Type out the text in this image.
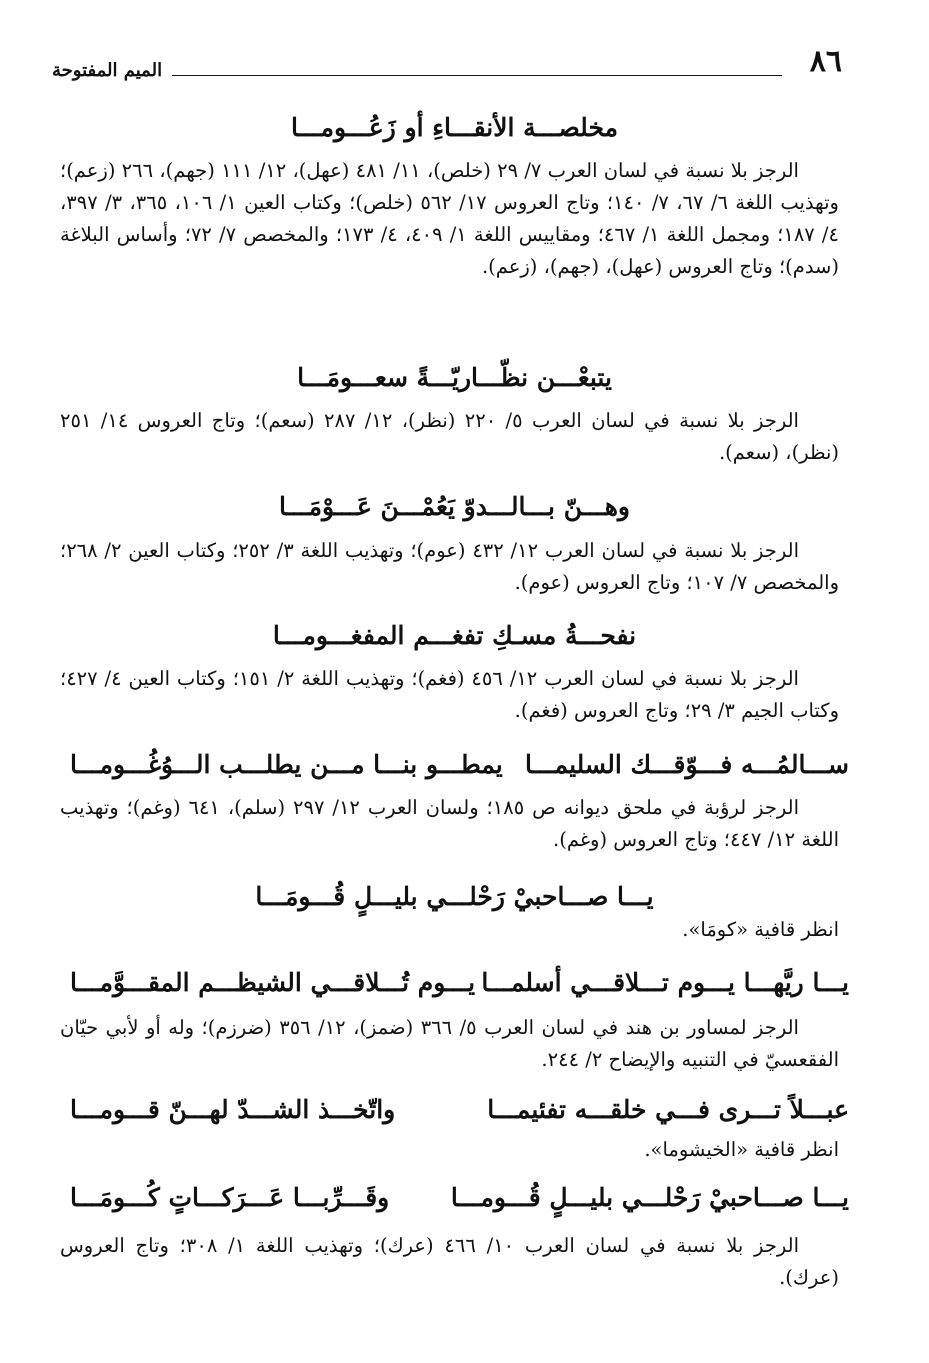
٨٦
الميم المفتوحة
مخلصـــة الأنقـــاءِ أو زَعُـــومـــا
الرجز بلا نسبة في لسان العرب ٧/ ٢٩ (خلص)، ١١/ ٤٨١ (عهل)، ١٢/ ١١١ (جهم)، ٢٦٦ (زعم)؛ وتهذيب اللغة ٦/ ٦٧، ٧/ ١٤٠؛ وتاج العروس ١٧/ ٥٦٢ (خلص)؛ وكتاب العين ١/ ١٠٦، ٣٦٥، ٣/ ٣٩٧، ٤/ ١٨٧؛ ومجمل اللغة ١/ ٤٦٧؛ ومقاييس اللغة ١/ ٤٠٩، ٤/ ١٧٣؛ والمخصص ٧/ ٧٢؛ وأساس البلاغة (سدم)؛ وتاج العروس (عهل)، (جهم)، (زعم).
يتبعْـــن نظّـــاريّـــةً سعـــومَـــا
الرجز بلا نسبة في لسان العرب ٥/ ٢٢٠ (نظر)، ١٢/ ٢٨٧ (سعم)؛ وتاج العروس ١٤/ ٢٥١ (نظر)، (سعم).
وهـــنّ بـــالـــدوّ يَعُمْـــنَ عَـــوْمَـــا
الرجز بلا نسبة في لسان العرب ١٢/ ٤٣٢ (عوم)؛ وتهذيب اللغة ٣/ ٢٥٢؛ وكتاب العين ٢/ ٢٦٨؛ والمخصص ٧/ ١٠٧؛ وتاج العروس (عوم).
نفحـــةُ مسـكِ تفغـــم المفغـــومـــا
الرجز بلا نسبة في لسان العرب ١٢/ ٤٥٦ (فغم)؛ وتهذيب اللغة ٢/ ١٥١؛ وكتاب العين ٤/ ٤٢٧؛ وكتاب الجيم ٣/ ٢٩؛ وتاج العروس (فغم).
ســـالمُـــه فـــوّقـــك السليمـــا
يمطـــو بنـــا مـــن يطلـــب الـــوُغُـــومـــا
الرجز لرؤبة في ملحق ديوانه ص ١٨٥؛ ولسان العرب ١٢/ ٢٩٧ (سلم)، ٦٤١ (وغم)؛ وتهذيب اللغة ١٢/ ٤٤٧؛ وتاج العروس (وغم).
يـــا صـــاحبيْ رَحْلـــي بليـــلٍ قُـــومَـــا
انظر قافية «كومَا».
يـــا ريَّهـــا يـــوم تـــلاقـــي أسلمـــا
يـــوم تُـــلاقـــي الشيظـــم المقـــوَّمـــا
الرجز لمساور بن هند في لسان العرب ٥/ ٣٦٦ (ضمز)، ١٢/ ٣٥٦ (ضرزم)؛ وله أو لأبي حيّان الفقعسيّ في التنبيه والإيضاح ٢/ ٢٤٤.
عبـــلاً تـــرى فـــي خلقـــه تفئيمـــا
واتّخـــذ الشـــدّ لهـــنّ قـــومـــا
انظر قافية «الخيشوما».
يـــا صـــاحبيْ رَحْلـــي بليـــلٍ قُـــومـــا
وقَـــرِّبـــا عَـــرَكـــاتٍ كُـــومَـــا
الرجز بلا نسبة في لسان العرب ١٠/ ٤٦٦ (عرك)؛ وتهذيب اللغة ١/ ٣٠٨؛ وتاج العروس (عرك).
